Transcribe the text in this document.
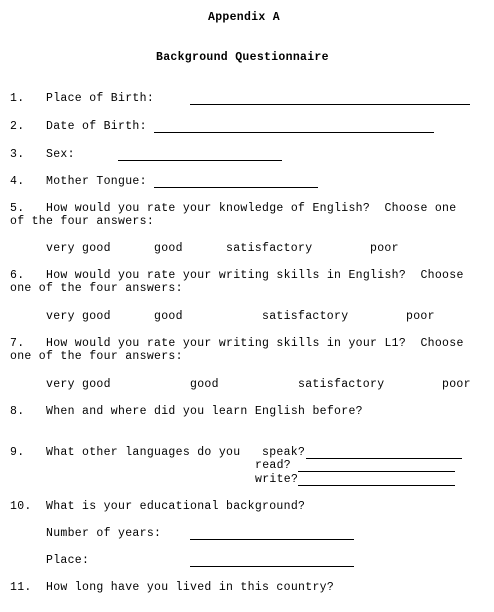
Appendix A
Background Questionnaire
1. Place of Birth:
2. Date of Birth:
3. Sex:
4. Mother Tongue:
5. How would you rate your knowledge of English?  Choose one
of the four answers:
very good	good	satisfactory	poor
6. How would you rate your writing skills in English?  Choose
one of the four answers:
very good	good	satisfactory	poor
7. How would you rate your writing skills in your L1?  Choose
one of the four answers:
very good	good	satisfactory	poor
8. When and where did you learn English before?
9. What other languages do you speak?
read?
write?
10. What is your educational background?
Number of years:
Place:
11. How long have you lived in this country?
